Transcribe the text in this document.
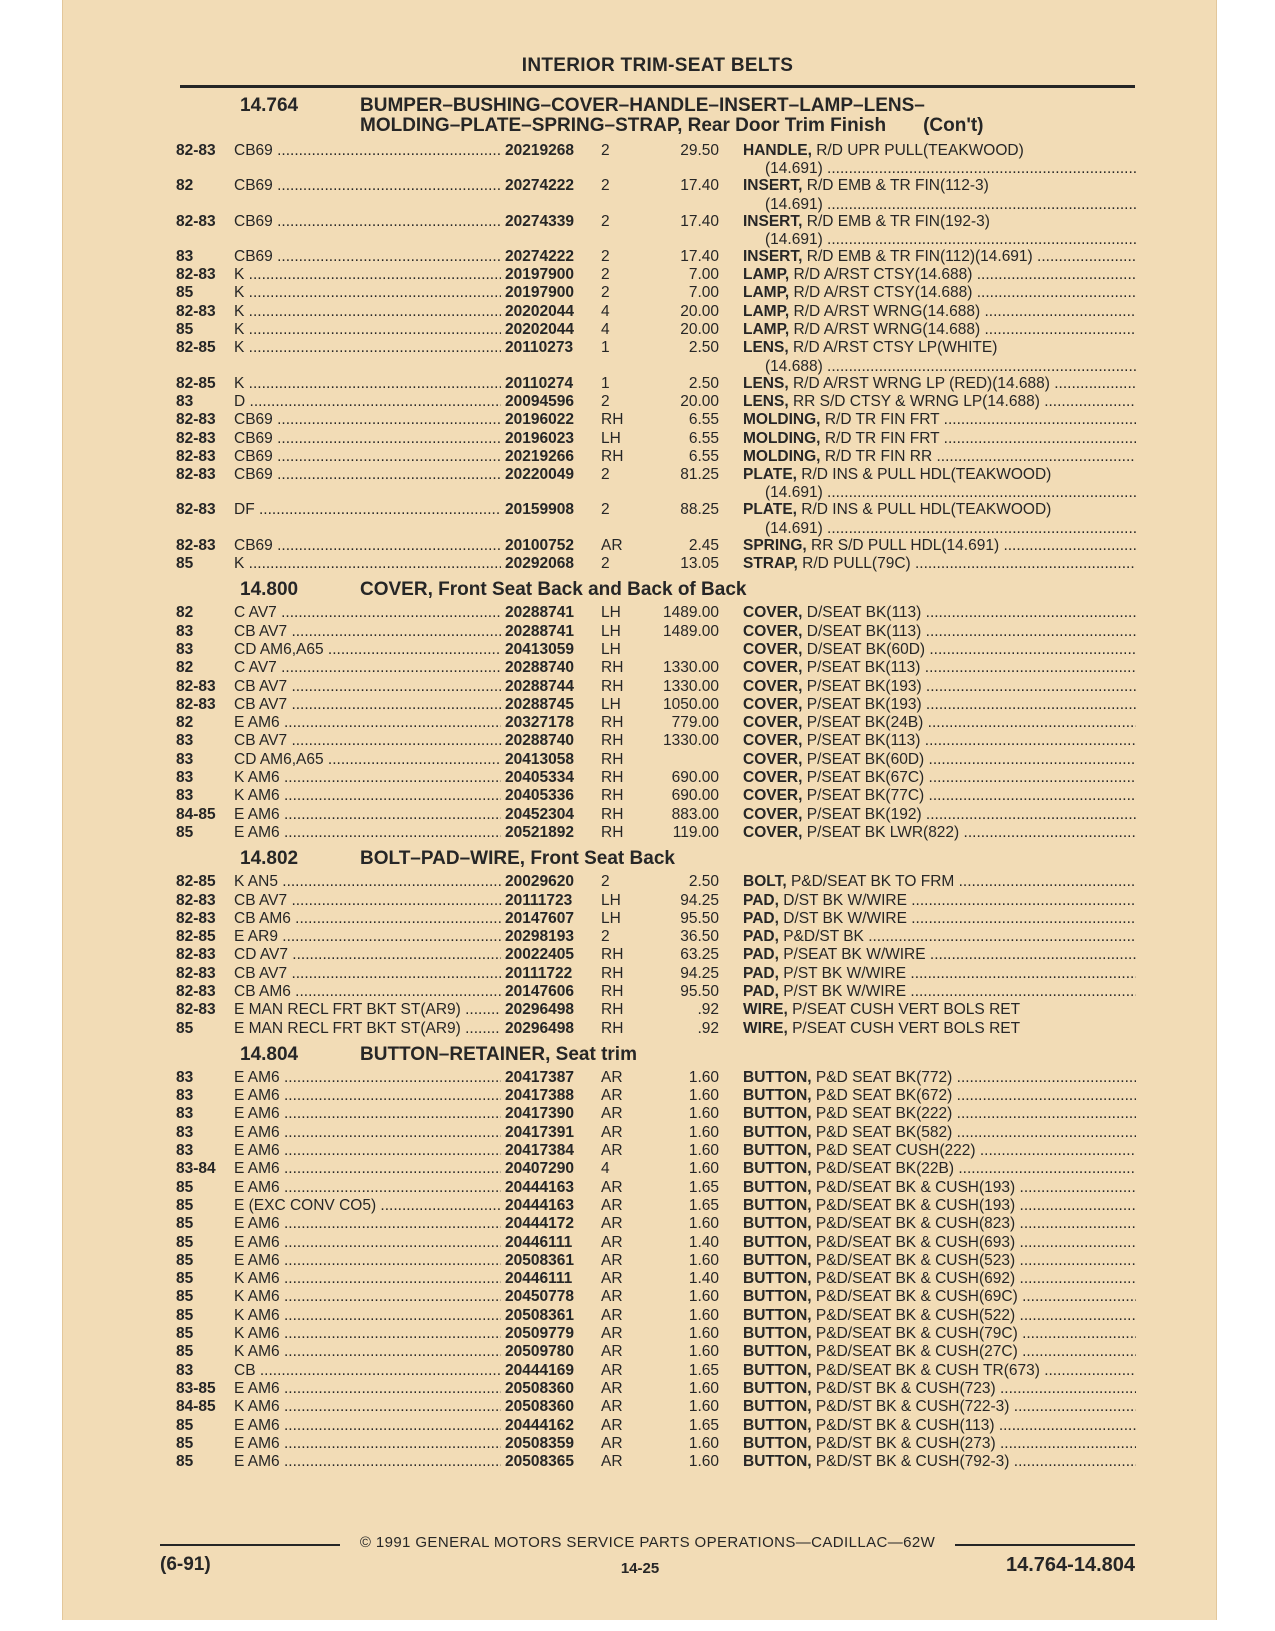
INTERIOR TRIM-SEAT BELTS
14.764	BUMPER–BUSHING–COVER–HANDLE–INSERT–LAMP–LENS–
MOLDING–PLATE–SPRING–STRAP, Rear Door Trim Finish (Con't)
82-83	CB69 .....	20219268	2	29.50	HANDLE, R/D UPR PULL(TEAKWOOD)
(14.691) .....
82	CB69 .....	20274222	2	17.40	INSERT, R/D EMB & TR FIN(112-3)
(14.691) .....
82-83	CB69 .....	20274339	2	17.40	INSERT, R/D EMB & TR FIN(192-3)
(14.691) .....
83	CB69 .....	20274222	2	17.40	INSERT, R/D EMB & TR FIN(112)(14.691) .....
82-83	K .....	20197900	2	7.00	LAMP, R/D A/RST CTSY(14.688) .....
85	K .....	20197900	2	7.00	LAMP, R/D A/RST CTSY(14.688) .....
82-83	K .....	20202044	4	20.00	LAMP, R/D A/RST WRNG(14.688) .....
85	K .....	20202044	4	20.00	LAMP, R/D A/RST WRNG(14.688) .....
82-85	K .....	20110273	1	2.50	LENS, R/D A/RST CTSY LP(WHITE)
(14.688) .....
82-85	K .....	20110274	1	2.50	LENS, R/D A/RST WRNG LP (RED)(14.688) .....
83	D .....	20094596	2	20.00	LENS, RR S/D CTSY & WRNG LP(14.688) .....
82-83	CB69 .....	20196022	RH	6.55	MOLDING, R/D TR FIN FRT .....
82-83	CB69 .....	20196023	LH	6.55	MOLDING, R/D TR FIN FRT .....
82-83	CB69 .....	20219266	RH	6.55	MOLDING, R/D TR FIN RR .....
82-83	CB69 .....	20220049	2	81.25	PLATE, R/D INS & PULL HDL(TEAKWOOD)
(14.691) .....
82-83	DF .....	20159908	2	88.25	PLATE, R/D INS & PULL HDL(TEAKWOOD)
(14.691) .....
82-83	CB69 .....	20100752	AR	2.45	SPRING, RR S/D PULL HDL(14.691) .....
85	K .....	20292068	2	13.05	STRAP, R/D PULL(79C) .....
14.800	COVER, Front Seat Back and Back of Back
82	C AV7 .....	20288741	LH	1489.00	COVER, D/SEAT BK(113) .....
83	CB AV7 .....	20288741	LH	1489.00	COVER, D/SEAT BK(113) .....
83	CD AM6,A65 .....	20413059	LH	COVER, D/SEAT BK(60D) .....
82	C AV7 .....	20288740	RH	1330.00	COVER, P/SEAT BK(113) .....
82-83	CB AV7 .....	20288744	RH	1330.00	COVER, P/SEAT BK(193) .....
82-83	CB AV7 .....	20288745	LH	1050.00	COVER, P/SEAT BK(193) .....
82	E AM6 .....	20327178	RH	779.00	COVER, P/SEAT BK(24B) .....
83	CB AV7 .....	20288740	RH	1330.00	COVER, P/SEAT BK(113) .....
83	CD AM6,A65 .....	20413058	RH	COVER, P/SEAT BK(60D) .....
83	K AM6 .....	20405334	RH	690.00	COVER, P/SEAT BK(67C) .....
83	K AM6 .....	20405336	RH	690.00	COVER, P/SEAT BK(77C) .....
84-85	E AM6 .....	20452304	RH	883.00	COVER, P/SEAT BK(192) .....
85	E AM6 .....	20521892	RH	119.00	COVER, P/SEAT BK LWR(822) .....
14.802	BOLT–PAD–WIRE, Front Seat Back
82-85	K AN5 .....	20029620	2	2.50	BOLT, P&D/SEAT BK TO FRM .....
82-83	CB AV7 .....	20111723	LH	94.25	PAD, D/ST BK W/WIRE .....
82-83	CB AM6 .....	20147607	LH	95.50	PAD, D/ST BK W/WIRE .....
82-85	E AR9 .....	20298193	2	36.50	PAD, P&D/ST BK .....
82-83	CD AV7 .....	20022405	RH	63.25	PAD, P/SEAT BK W/WIRE .....
82-83	CB AV7 .....	20111722	RH	94.25	PAD, P/ST BK W/WIRE .....
82-83	CB AM6 .....	20147606	RH	95.50	PAD, P/ST BK W/WIRE .....
82-83	E MAN RECL FRT BKT ST(AR9) .....	20296498	RH	.92	WIRE, P/SEAT CUSH VERT BOLS RET
85	E MAN RECL FRT BKT ST(AR9) .....	20296498	RH	.92	WIRE, P/SEAT CUSH VERT BOLS RET
14.804	BUTTON–RETAINER, Seat trim
83	E AM6 .....	20417387	AR	1.60	BUTTON, P&D SEAT BK(772) .....
83	E AM6 .....	20417388	AR	1.60	BUTTON, P&D SEAT BK(672) .....
83	E AM6 .....	20417390	AR	1.60	BUTTON, P&D SEAT BK(222) .....
83	E AM6 .....	20417391	AR	1.60	BUTTON, P&D SEAT BK(582) .....
83	E AM6 .....	20417384	AR	1.60	BUTTON, P&D SEAT CUSH(222) .....
83-84	E AM6 .....	20407290	4	1.60	BUTTON, P&D/SEAT BK(22B) .....
85	E AM6 .....	20444163	AR	1.65	BUTTON, P&D/SEAT BK & CUSH(193) .....
85	E (EXC CONV CO5) .....	20444163	AR	1.65	BUTTON, P&D/SEAT BK & CUSH(193) .....
85	E AM6 .....	20444172	AR	1.60	BUTTON, P&D/SEAT BK & CUSH(823) .....
85	E AM6 .....	20446111	AR	1.40	BUTTON, P&D/SEAT BK & CUSH(693) .....
85	E AM6 .....	20508361	AR	1.60	BUTTON, P&D/SEAT BK & CUSH(523) .....
85	K AM6 .....	20446111	AR	1.40	BUTTON, P&D/SEAT BK & CUSH(692) .....
85	K AM6 .....	20450778	AR	1.60	BUTTON, P&D/SEAT BK & CUSH(69C) .....
85	K AM6 .....	20508361	AR	1.60	BUTTON, P&D/SEAT BK & CUSH(522) .....
85	K AM6 .....	20509779	AR	1.60	BUTTON, P&D/SEAT BK & CUSH(79C) .....
85	K AM6 .....	20509780	AR	1.60	BUTTON, P&D/SEAT BK & CUSH(27C) .....
83	CB .....	20444169	AR	1.65	BUTTON, P&D/SEAT BK & CUSH TR(673) .....
83-85	E AM6 .....	20508360	AR	1.60	BUTTON, P&D/ST BK & CUSH(723) .....
84-85	K AM6 .....	20508360	AR	1.60	BUTTON, P&D/ST BK & CUSH(722-3) .....
85	E AM6 .....	20444162	AR	1.65	BUTTON, P&D/ST BK & CUSH(113) .....
85	E AM6 .....	20508359	AR	1.60	BUTTON, P&D/ST BK & CUSH(273) .....
85	E AM6 .....	20508365	AR	1.60	BUTTON, P&D/ST BK & CUSH(792-3) .....
© 1991 GENERAL MOTORS SERVICE PARTS OPERATIONS—CADILLAC—62W
(6-91)	14-25	14.764-14.804
